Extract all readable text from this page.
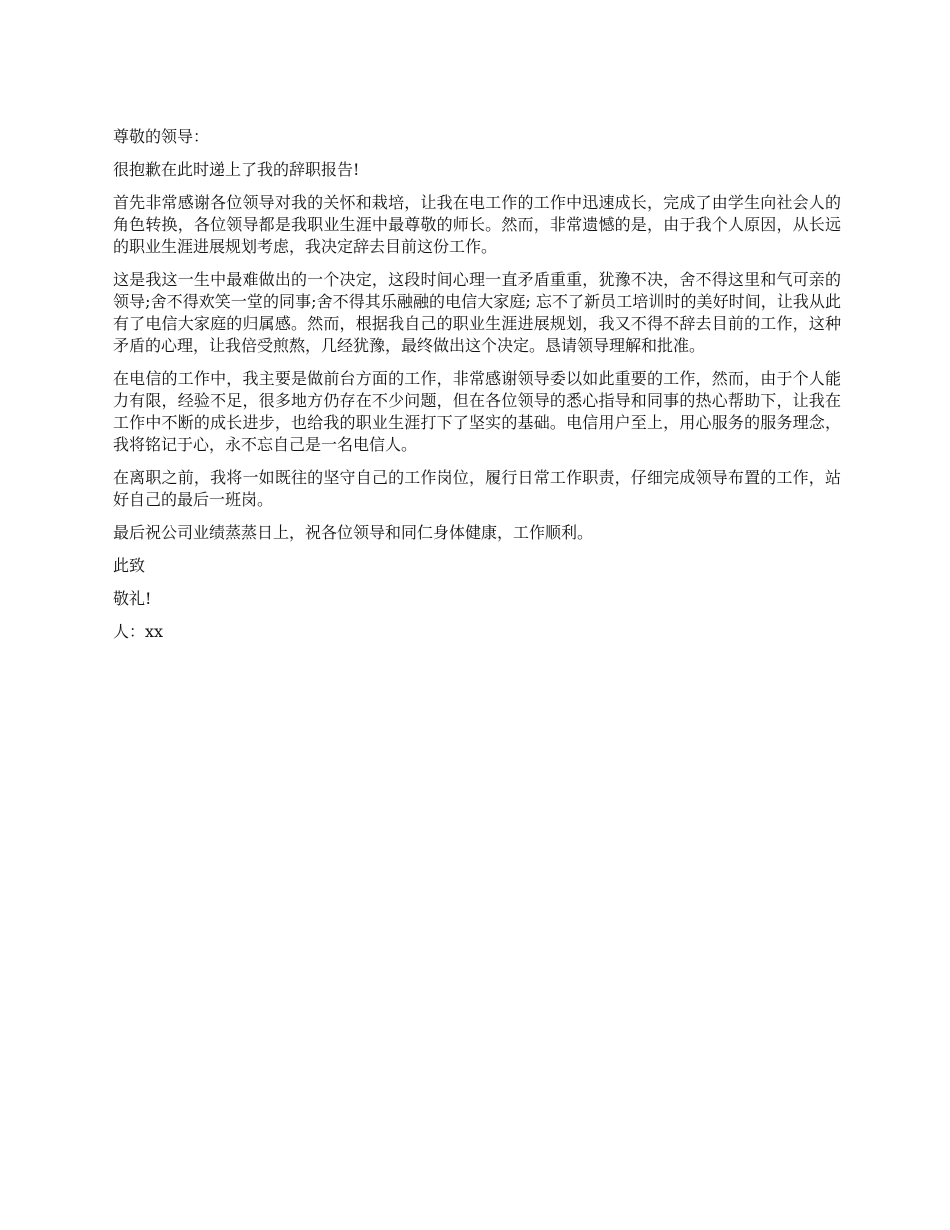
尊敬的领导：

很抱歉在此时递上了我的辞职报告!

首先非常感谢各位领导对我的关怀和栽培，让我在电工作的工作中迅速成长，完成了由学生向社会人的角色转换，各位领导都是我职业生涯中最尊敬的师长。然而，非常遗憾的是，由于我个人原因，从长远的职业生涯进展规划考虑，我决定辞去目前这份工作。

这是我这一生中最难做出的一个决定，这段时间心理一直矛盾重重，犹豫不决，舍不得这里和气可亲的领导;舍不得欢笑一堂的同事;舍不得其乐融融的电信大家庭; 忘不了新员工培训时的美好时间，让我从此有了电信大家庭的归属感。然而，根据我自己的职业生涯进展规划，我又不得不辞去目前的工作，这种矛盾的心理，让我倍受煎熬，几经犹豫，最终做出这个决定。恳请领导理解和批准。

在电信的工作中，我主要是做前台方面的工作，非常感谢领导委以如此重要的工作，然而，由于个人能力有限，经验不足，很多地方仍存在不少问题，但在各位领导的悉心指导和同事的热心帮助下，让我在工作中不断的成长进步，也给我的职业生涯打下了坚实的基础。电信用户至上，用心服务的服务理念，我将铭记于心，永不忘自己是一名电信人。

在离职之前，我将一如既往的坚守自己的工作岗位，履行日常工作职责，仔细完成领导布置的工作，站好自己的最后一班岗。

最后祝公司业绩蒸蒸日上，祝各位领导和同仁身体健康，工作顺利。

此致

敬礼!

人：xx
